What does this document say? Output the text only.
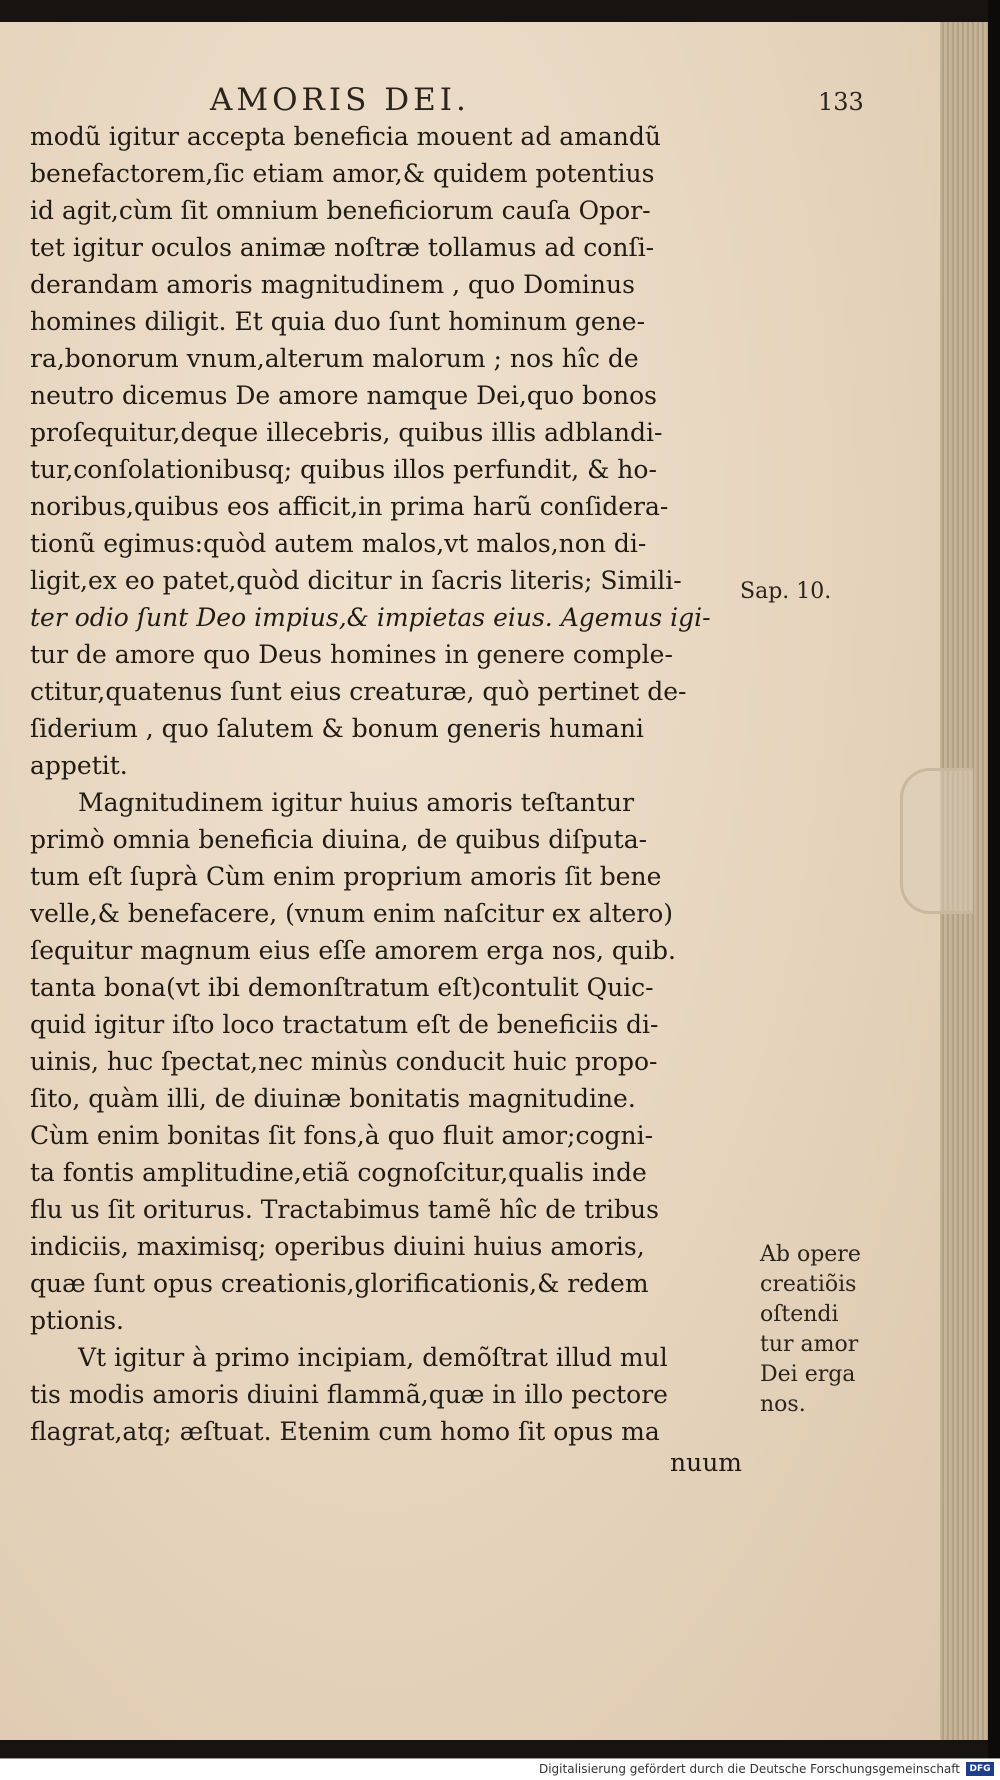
AMORIS DEI.	133
modũ igitur accepta beneficia mouent ad amandũ
benefactorem,ſic etiam amor,& quidem potentius
id agit,cùm ſit omnium beneficiorum cauſa Opor-
tet igitur oculos animæ noſtræ tollamus ad conſi-
derandam amoris magnitudinem , quo Dominus
homines diligit. Et quia duo ſunt hominum gene-
ra,bonorum vnum,alterum malorum ; nos hîc de
neutro dicemus De amore namque Dei,quo bonos
proſequitur,deque illecebris, quibus illis adblandi-
tur,conſolationibusq; quibus illos perfundit, & ho-
noribus,quibus eos afficit,in prima harũ conſidera-
tionũ egimus:quòd autem malos,vt malos,non di-
ligit,ex eo patet,quòd dicitur in ſacris literis; Simili-
ter odio ſunt Deo impius,& impietas eius. Agemus igi-
tur de amore quo Deus homines in genere comple-
ctitur,quatenus ſunt eius creaturæ, quò pertinet de-
ſiderium , quo ſalutem & bonum generis humani
appetit.
Magnitudinem igitur huius amoris teſtantur
primò omnia beneficia diuina, de quibus diſputa-
tum eſt ſuprà Cùm enim proprium amoris ſit bene
velle,& benefacere, (vnum enim naſcitur ex altero)
ſequitur magnum eius eſſe amorem erga nos, quib.
tanta bona(vt ibi demonſtratum eſt)contulit Quic-
quid igitur iſto loco tractatum eſt de beneficiis di-
uinis, huc ſpectat,nec minùs conducit huic propo-
ſito, quàm illi, de diuinæ bonitatis magnitudine.
Cùm enim bonitas ſit fons,à quo fluit amor;cogni-
ta fontis amplitudine,etiã cognoſcitur,qualis inde
flu us ſit oriturus. Tractabimus tamẽ hîc de tribus
indiciis, maximisq; operibus diuini huius amoris,
quæ ſunt opus creationis,glorificationis,& redem
ptionis.
Vt igitur à primo incipiam, demõſtrat illud mul
tis modis amoris diuini flammã,quæ in illo pectore
flagrat,atq; æſtuat. Etenim cum homo ſit opus ma
Sap. 10.
Ab opere
creatiõis
oſtendi
tur amor
Dei erga
nos.
nuum
Digitalisierung gefördert durch die Deutsche Forschungsgemeinschaft	DFG
